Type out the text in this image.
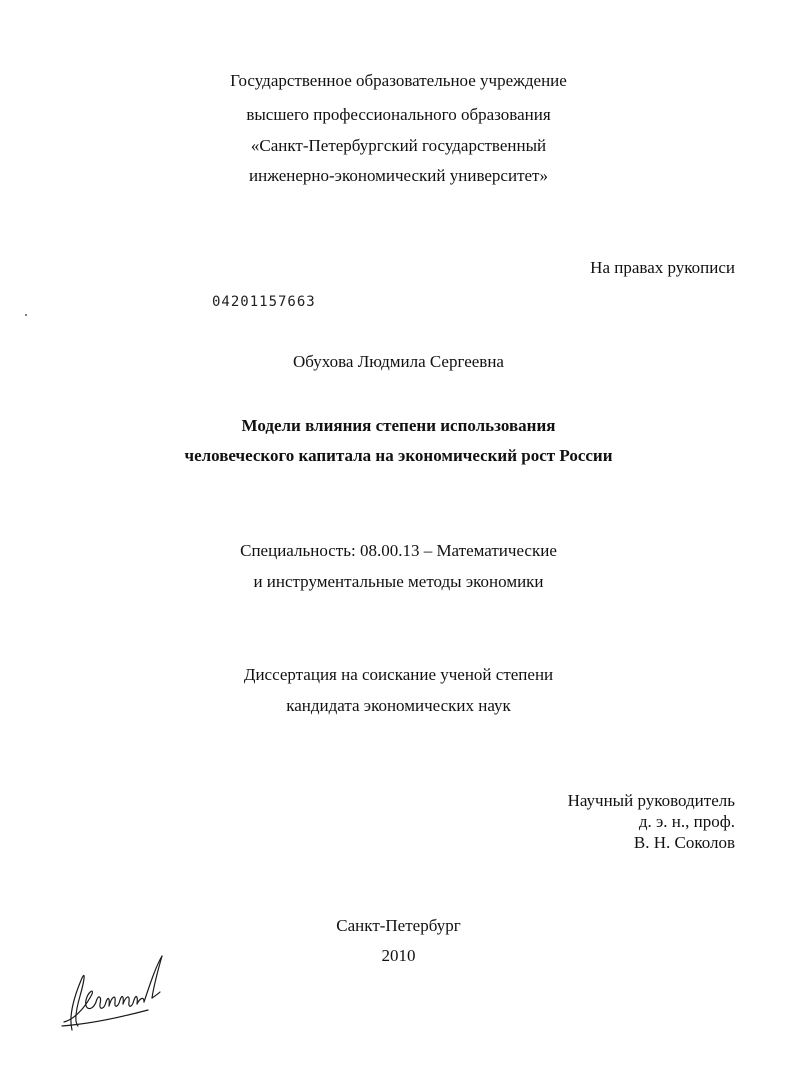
Государственное образовательное учреждение
высшего профессионального образования
«Санкт-Петербургский государственный
инженерно-экономический университет»
На правах рукописи
04201157663
Обухова Людмила Сергеевна
Модели влияния степени использования
человеческого капитала на экономический рост России
Специальность: 08.00.13 – Математические
и инструментальные методы экономики
Диссертация на соискание ученой степени
кандидата экономических наук
Научный руководитель
д. э. н., проф.
В. Н. Соколов
Санкт-Петербург
2010
